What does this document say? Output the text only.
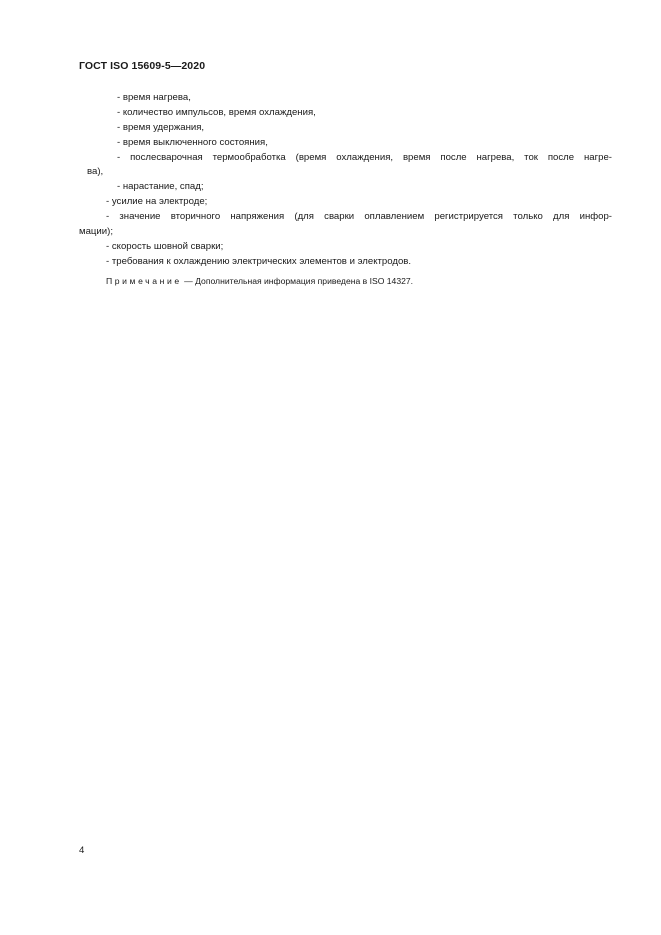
ГОСТ ISO 15609-5—2020
- время нагрева,
- количество импульсов, время охлаждения,
- время удержания,
- время выключенного состояния,
- послесварочная термообработка (время охлаждения, время после нагрева, ток после нагре-
ва),
- нарастание, спад;
- усилие на электроде;
- значение вторичного напряжения (для сварки оплавлением регистрируется только для инфор-
мации);
- скорость шовной сварки;
- требования к охлаждению электрических элементов и электродов.
Примечание — Дополнительная информация приведена в ISO 14327.
4
